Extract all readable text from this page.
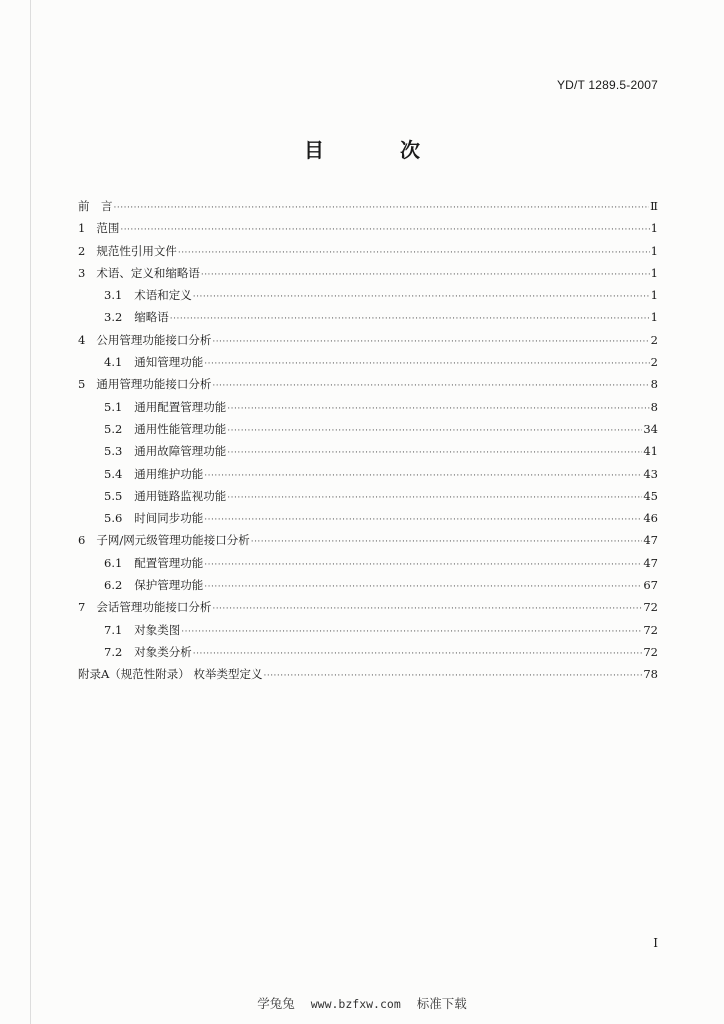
YD/T 1289.5-2007
目　次
前　言 ·····	Ⅱ
1 范围 ·····	1
2 规范性引用文件 ·····	1
3 术语、定义和缩略语 ·····	1
3.1 术语和定义 ·····	1
3.2 缩略语 ·····	1
4 公用管理功能接口分析 ·····	2
4.1 通知管理功能 ·····	2
5 通用管理功能接口分析 ·····	8
5.1 通用配置管理功能 ·····	8
5.2 通用性能管理功能 ·····	34
5.3 通用故障管理功能 ·····	41
5.4 通用维护功能 ·····	43
5.5 通用链路监视功能 ·····	45
5.6 时间同步功能 ·····	46
6 子网/网元级管理功能接口分析 ·····	47
6.1 配置管理功能 ·····	47
6.2 保护管理功能 ·····	67
7 会话管理功能接口分析 ·····	72
7.1 对象类图 ·····	72
7.2 对象类分析 ·····	72
附录A（规范性附录） 枚举类型定义 ·····	78
I
学兔兔 www.bzfxw.com 标准下载
